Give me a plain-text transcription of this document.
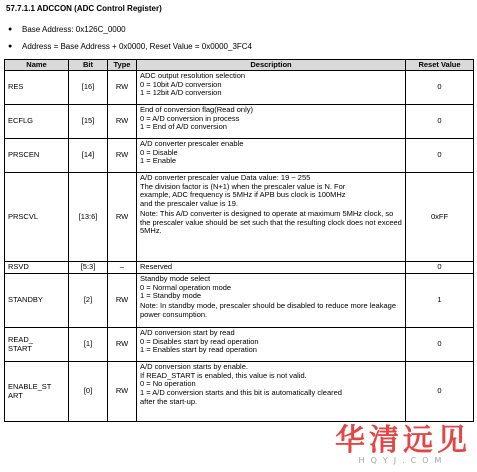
57.7.1.1 ADCCON (ADC Control Register)
●	Base Address: 0x126C_0000
●	Address = Base Address + 0x0000, Reset Value = 0x0000_3FC4
Name	Bit	Type	Description	Reset Value
RES	[16]	RW	ADC output resolution selection
0 = 10bit A/D conversion
1 = 12bit A/D conversion	0
ECFLG	[15]	RW	End of conversion flag(Read only)
0 = A/D conversion in process
1 = End of A/D conversion	0
PRSCEN	[14]	RW	A/D converter prescaler enable
0 = Disable
1 = Enable	0
PRSCVL	[13:6]	RW	A/D converter prescaler value Data value: 19 ~ 255
The division factor is (N+1) when the prescaler value is N. For
example, ADC frequency is 5MHz if APB bus clock is 100MHz
and the prescaler value is 19.
Note: This A/D converter is designed to operate at maximum 5MHz clock, so the prescaler value should be set such that the resulting clock does not exceed 5MHz.	0xFF
RSVD	[5:3]	–	Reserved	0
STANDBY	[2]	RW	Standby mode select
0 = Normal operation mode
1 = Standby mode
Note: In standby mode, prescaler should be disabled to reduce more leakage power consumption.	1
READ_
START	[1]	RW	A/D conversion start by read
0 = Disables start by read operation
1 = Enables start by read operation	0
ENABLE_ST
ART	[0]	RW	A/D conversion starts by enable.
If READ_START is enabled, this value is not valid.
0 = No operation
1 = A/D conversion starts and this bit is automatically cleared
after the start-up.	0
华清远见
HQYJ.COM
